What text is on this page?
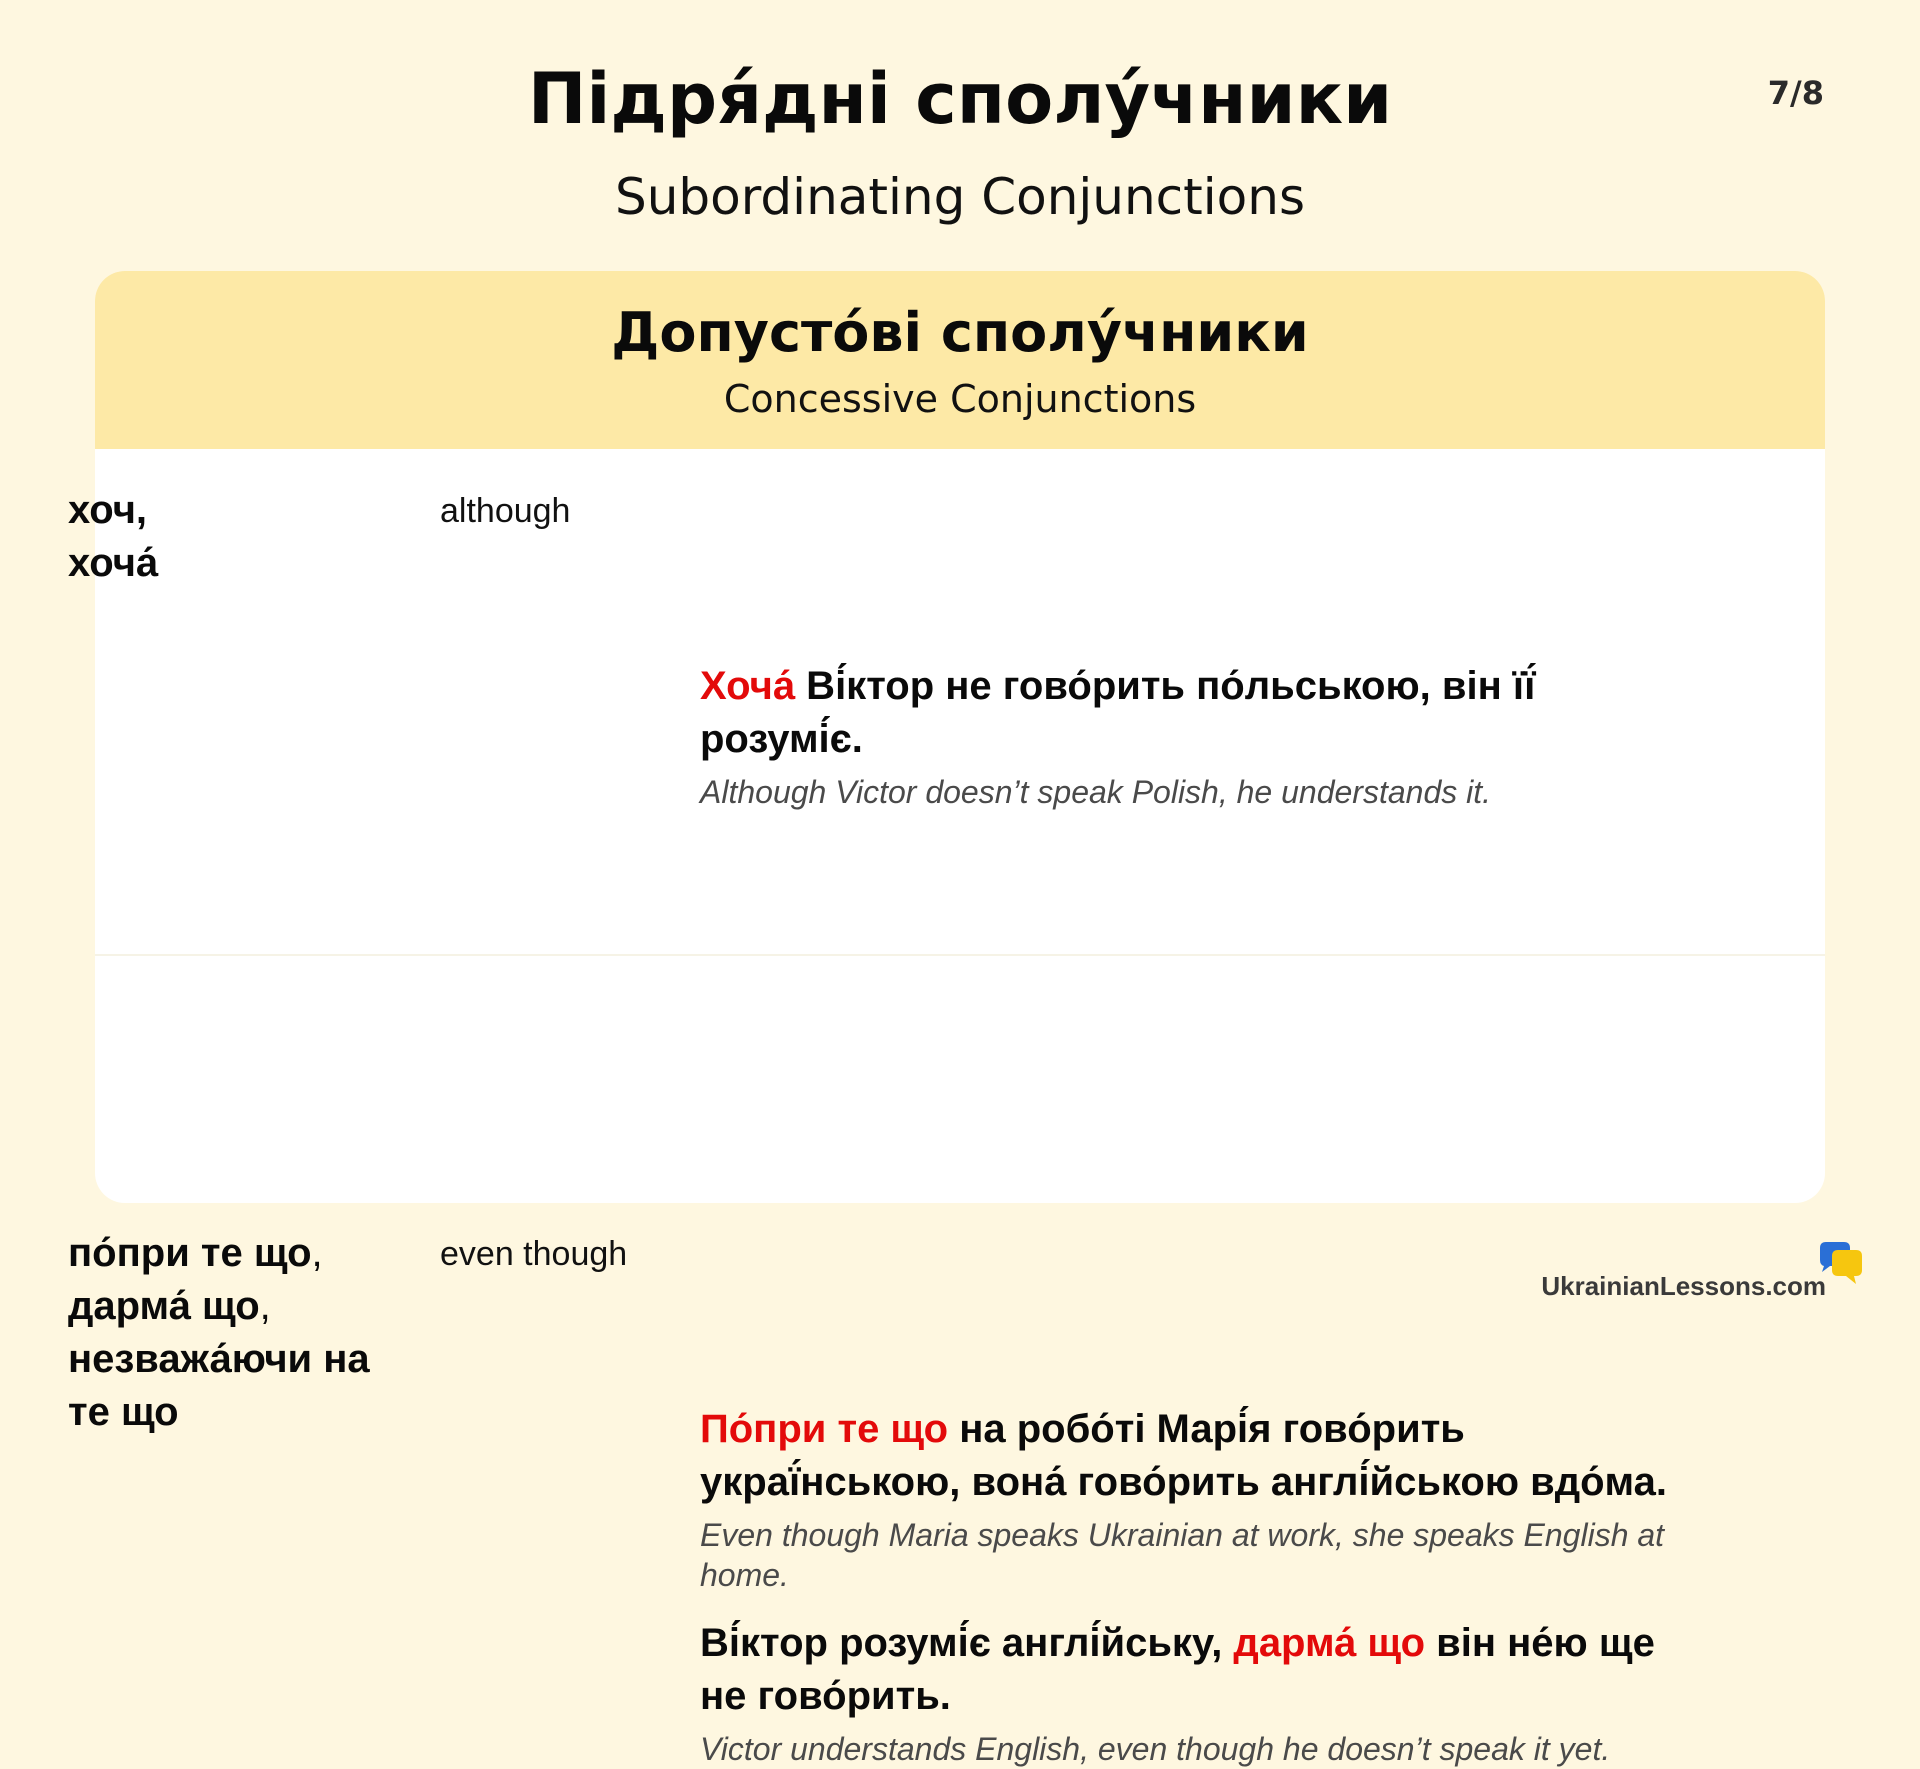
7/8
Підря́дні сполу́чники
Subordinating Conjunctions
Допусто́ві сполу́чники
Concessive Conjunctions
хоч,
хоча́
although

Хоча́ Ві́ктор не гово́рить по́льською, він її́ розумі́є.

Although Victor doesn’t speak Polish, he understands it.

по́при те що,
дарма́ що,
незважа́ючи на
те що
even though

По́при те що на робо́ті Марі́я гово́рить украї́нською, вона́ гово́рить англі́йською вдо́ма.

Even though Maria speaks Ukrainian at work, she speaks English at home.

Ві́ктор розумі́є англі́йську, дарма́ що він не́ю ще не гово́рить.

Victor understands English, even though he doesn’t speak it yet.

UkrainianLessons.com
